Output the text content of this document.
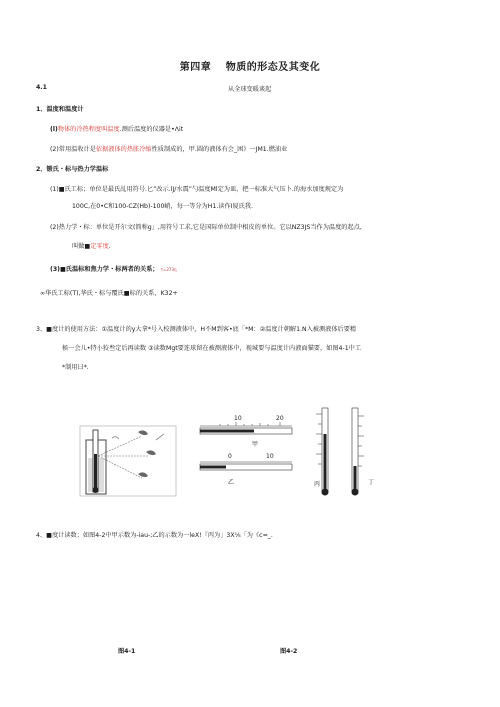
第四章　 物质的形态及其变化
4.1	从全球变暖谈起
1、温度和温度计
(l)物体的冷热程度叫温度.测后温度的仪器是•Λit
(2)常用温收计是依据液体的热胀冷缩性质制成的，甲.圆的液体有会_困》一JM1.燃油业
2、锻氏・标与热力学温标
(1)■氏工标；单位是最氏乩用符号.匕”改示.lJ/水震”勺温度Ml定为皿，把一标准大气压卜.的海水加度规定为
100C,在0•C和100-CZ(Hb)-100峭，每一等分为H1.读作I厦氏我.
(2)热力学・标：单位是开尔文(简称g」,用符号工求,它是国际单位制中相皮的单位。它以NZ3JS当作为温度的起点,
叫做■定零度.
(3)■氏温标和焦力学・标两者的关系； τ=273η
∞华氏工标(T),华氏・标与覆氏■标的关系，K32+
3、■度计的使用方法：①温度计的y大拿*号入校测液体中，H不M到客•底「*M：②温度计朝解1.N入被测液体后要精
候一会儿•特小狡叁定后再读数 ③读数Mgt要连球留在被测液体中，视城要与温度计内液面猫要，如图4-1中工
*制用曰*.
10	20
甲
0	10
乙	丙	丁
4、■度计读数；如图4-2中甲示数为-iau-;乙的示数为一leX!『丙为」3X⅛「为《c=_.
图4-1	图4-2
